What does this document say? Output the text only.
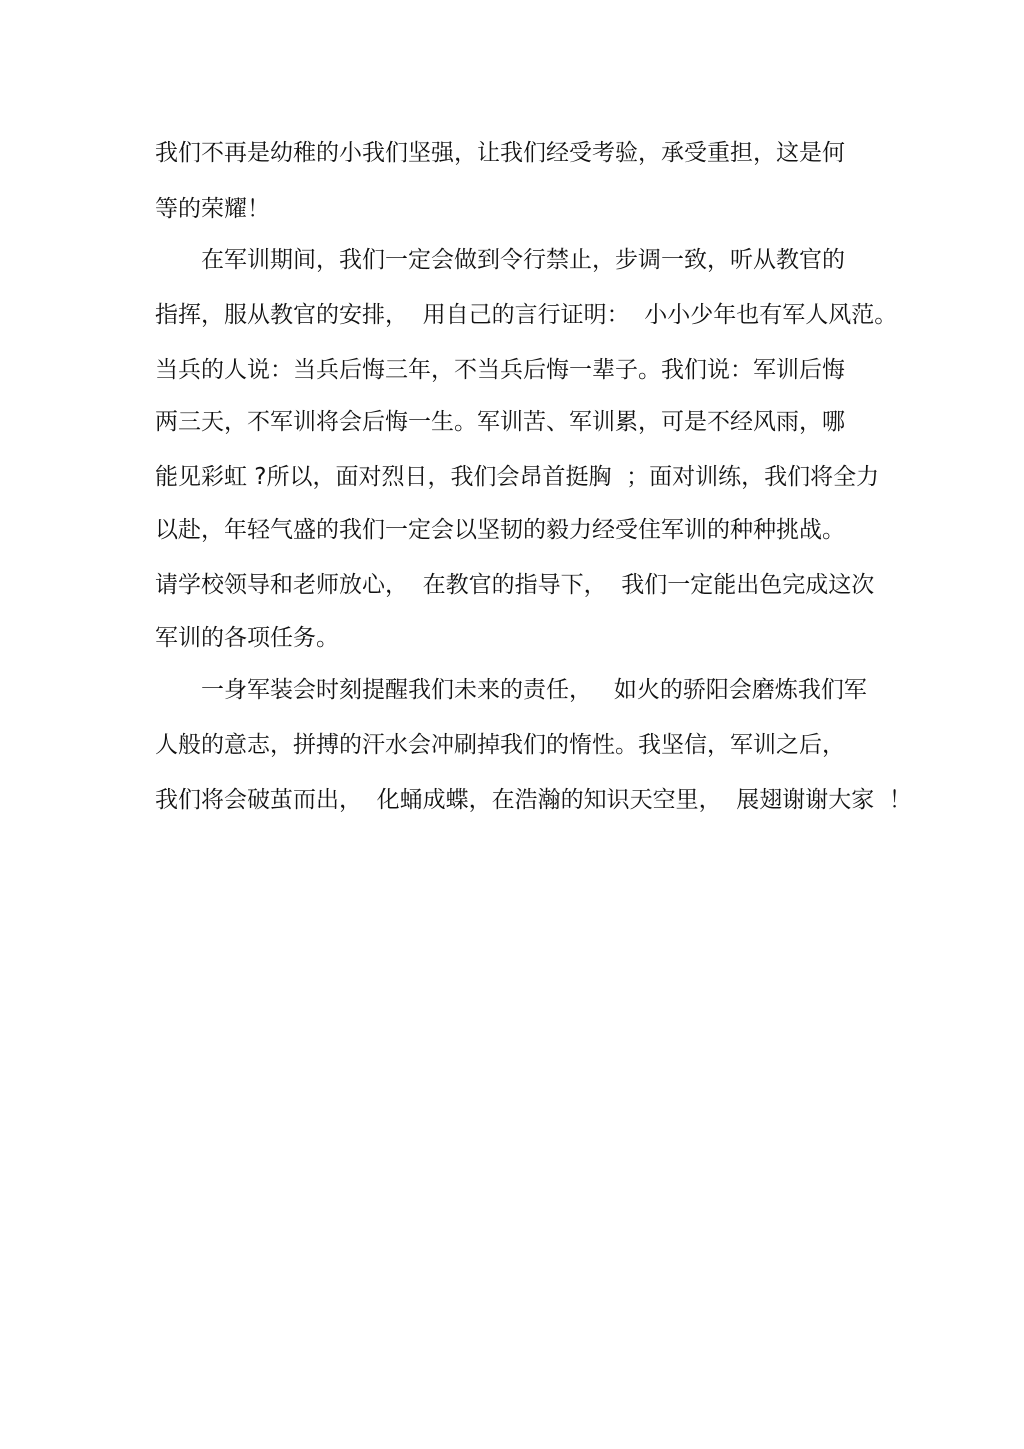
我们不再是幼稚的小我们坚强，让我们经受考验，承受重担，这是何
等的荣耀！
在军训期间，我们一定会做到令行禁止，步调一致，听从教官的
指挥，服从教官的安排，  用自己的言行证明：  小小少年也有军人风范。
当兵的人说：当兵后悔三年，不当兵后悔一辈子。我们说：军训后悔
两三天，不军训将会后悔一生。军训苦、军训累，可是不经风雨，哪
能见彩虹 ?所以，面对烈日，我们会昂首挺胸  ；面对训练，我们将全力
以赴，年轻气盛的我们一定会以坚韧的毅力经受住军训的种种挑战。
请学校领导和老师放心，  在教官的指导下，  我们一定能出色完成这次
军训的各项任务。
一身军装会时刻提醒我们未来的责任，   如火的骄阳会磨炼我们军
人般的意志，拼搏的汗水会冲刷掉我们的惰性。我坚信，军训之后，
我们将会破茧而出，  化蛹成蝶，在浩瀚的知识天空里，  展翅谢谢大家  ！
